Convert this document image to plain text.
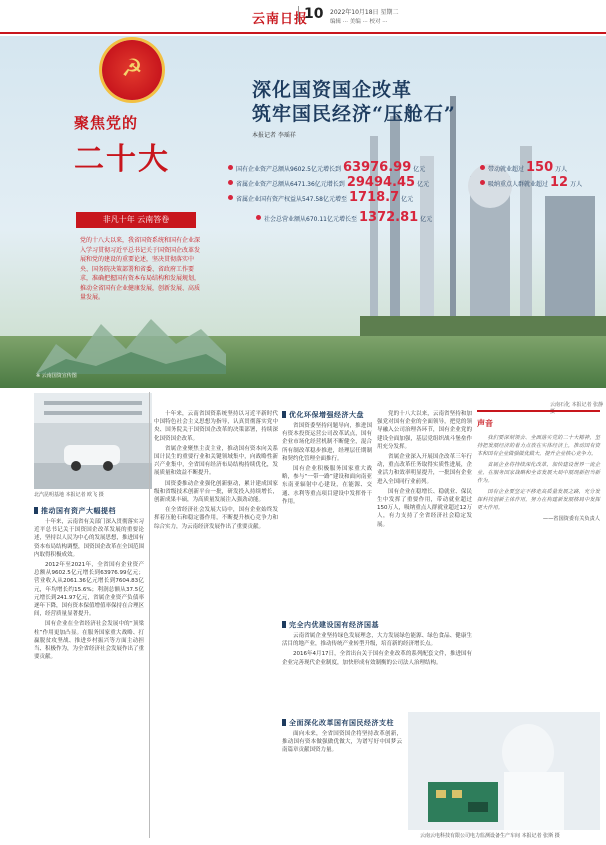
云南日报
10 2022年10月18日 星期二
编辑 ··· 美编 ··· 校对 ···
※ 云南国资宣传图
☭
聚焦党的
二十大
非凡十年 云南答卷
党的十八大以来，我省国资系统和国有企业深入学习贯彻习近平总书记关于国资国企改革发展和党的建设的重要论述，坚决贯彻落实中央、国务院决策部署和省委、省政府工作要求，准确把握国有资本布局结构和发展规划，推动全省国有企业健康发展，创新发展、高质量发展。
深化国资国企改革
筑牢国民经济“压舱石”
本报记者 李瑶祥
国有企业资产总额从9602.5亿元增长到 63976.99 亿元
省属企业资产总额从6471.36亿元增长到 29494.45 亿元
省属企业国有资产权益从547.58亿元增至 1718.7 亿元
社会总营业额从670.11亿元增长至 1372.81 亿元
带动就业超过 150 万人
吸纳重点人群就业超过 12 万人
云南石化 本报记者 张静 摄
北汽昆明基地 本报记者 欧飞 摄
推动国有资产大幅提档

十年来，云南省有关部门深入贯彻落实习近平总书记关于国资国企改革发展的重要论述，坚持以人民为中心的发展思想，推进国有资本布局结构调整，国资国企改革在全国范围内取得积极成效。

2012年至2021年，全省国有企业资产总额从9602.5亿元增长到63976.99亿元；营业收入从2061.36亿元增长到7604.83亿元，年均增长约15.6%；利润总额从37.5亿元增长到241.97亿元，省属企业资产负债率逐年下降，国有资本保值增值率保持在合理区间，经营质量显著提升。

国有企业在全省经济社会发展中的“顶梁柱”作用更加凸显。在服务国家重大战略、打赢脱贫攻坚战、推进乡村振兴等方面主动担当、积极作为，为全省经济社会发展作出了重要贡献。

十年来，云南省国资系统坚持以习近平新时代中国特色社会主义思想为指导，认真贯彻落实党中央、国务院关于国资国企改革的决策部署，持续深化国资国企改革。

省属企业聚焦主责主业，推动国有资本向关系国计民生的重要行业和关键领域集中，向战略性新兴产业集中，全省国有经济布局结构持续优化，发展质量和效益不断提升。

国资委推动企业强化创新驱动，累计建成国家级和省级技术创新平台一批，研发投入持续增长，创新成果丰硕，为高质量发展注入强劲动能。

在全省经济社会发展大局中，国有企业始终发挥着压舱石和稳定器作用，不断提升核心竞争力和综合实力，为云南经济发展作出了重要贡献。

优化环保增强经济大盘

省国资委坚持问题导向，推进国有资本投资运营公司改革试点，国有企业市场化经营机制不断健全，混合所有制改革稳步推进，经理层任期制和契约化管理全面推行。

国有企业积极服务国家重大战略，参与“一带一路”建设和面向南亚东南亚辐射中心建设，在能源、交通、水利等重点项目建设中发挥骨干作用。

完全内优建设国有经济国基

云南省属企业坚持绿色发展理念，大力发展绿色能源、绿色食品、健康生活目的地产业，推动传统产业转型升级，培育新的经济增长点。

2016年4月17日，全省出台关于国有企业改革的系列配套文件，推进国有企业完善现代企业制度，加快形成有效制衡的公司法人治理结构。

党的十八大以来，云南省坚持和加强党对国有企业的全面领导，把党的领导融入公司治理各环节，国有企业党的建设全面加强，基层党组织战斗堡垒作用充分发挥。

省属企业深入开展国企改革三年行动，重点改革任务取得实质性进展，企业活力和效率明显提升，一批国有企业进入全国同行业前列。

国有企业在稳增长、稳就业、保民生中发挥了重要作用，带动就业超过150万人，吸纳重点人群就业超过12万人，有力支持了全省经济社会稳定发展。

全面深化改革国有国民经济支柱

面向未来，全省国资国企将坚持改革创新，推动国有资本做强做优做大，为谱写好中国梦云南篇章贡献国资力量。

云南云电科技有限公司电力监测设备生产车间 本报记者 张斯 摄
声音

我们要深刻领会、全面落实党的二十大精神，坚持把发展经济的着力点放在实体经济上，推动国有资本和国有企业做强做优做大，提升企业核心竞争力。

省属企业将持续深化改革，加快建设世界一流企业，在服务国家战略和全省发展大局中展现新担当新作为。

国有企业要坚定不移走高质量发展之路，充分发挥科技创新主体作用，努力在构建新发展格局中发挥更大作用。

——省国资委有关负责人
